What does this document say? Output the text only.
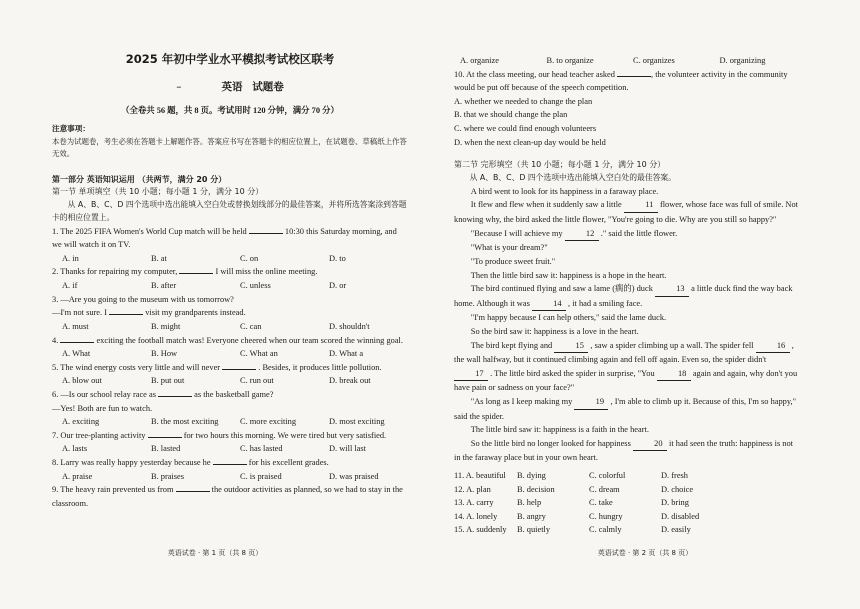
2025 年初中学业水平模拟考试校区联考
–	英语 试题卷
（全卷共 56 题，共 8 页。考试用时 120 分钟，满分 70 分）
注意事项：
本卷为试题卷，考生必须在答题卡上解题作答。答案应书写在答题卡的相应位置上，在试题卷、草稿纸上作答无效。
第一部分 英语知识运用 （共两节，满分 20 分）
第一节 单项填空（共 10 小题；每小题 1 分，满分 10 分）
从 A、B、C、D 四个选项中选出能填入空白处或替换划线部分的最佳答案，并将所选答案涂到答题卡的相应位置上。
1. The 2025 FIFA Women's World Cup match will be held	10:30 this Saturday morning, and we will watch it on TV.
A. in	B. at	C. on	D. to
2. Thanks for repairing my computer,	I will miss the online meeting.
A. if	B. after	C. unless	D. or
3. —Are you going to the museum with us tomorrow?
—I'm not sure. I	visit my grandparents instead.
A. must	B. might	C. can	D. shouldn't
4.	exciting the football match was! Everyone cheered when our team scored the winning goal.
A. What	B. How	C. What an	D. What a
5. The wind energy costs very little and will never	. Besides, it produces little pollution.
A. blow out	B. put out	C. run out	D. break out
6. —Is our school relay race as	as the basketball game?
—Yes! Both are fun to watch.
A. exciting	B. the most exciting	C. more exciting	D. most exciting
7. Our tree-planting activity	for two hours this morning. We were tired but very satisfied.
A. lasts	B. lasted	C. has lasted	D. will last
8. Larry was really happy yesterday because he	for his excellent grades.
A. praise	B. praises	C. is praised	D. was praised
9. The heavy rain prevented us from	the outdoor activities as planned, so we had to stay in the classroom.
英语试卷 · 第 1 页（共 8 页）
A. organize	B. to organize	C. organizes	D. organizing
10. At the class meeting, our head teacher asked	, the volunteer activity in the community would be put off because of the speech competition.
A. whether we needed to change the plan
B. that we should change the plan
C. where we could find enough volunteers
D. when the next clean-up day would be held
第二节 完形填空（共 10 小题；每小题 1 分，满分 10 分）
从 A、B、C、D 四个选项中选出能填入空白处的最佳答案。
A bird went to look for its happiness in a faraway place.
It flew and flew when it suddenly saw a little	11 flower, whose face was full of smile. Not knowing why, the bird asked the little flower, "You're going to die. Why are you still so happy?"
"Because I will achieve my	12 ." said the little flower.
"What is your dream?"
"To produce sweet fruit."
Then the little bird saw it: happiness is a hope in the heart.
The bird continued flying and saw a lame (瘸的) duck	13 a little duck find the way back home. Although it was	14 , it had a smiling face.
"I'm happy because I can help others," said the lame duck.
So the bird saw it: happiness is a love in the heart.
The bird kept flying and	15 , saw a spider climbing up a wall. The spider fell	16 , the wall halfway, but it continued climbing again and fell off again. Even so, the spider didn't 17 . The little bird asked the spider in surprise, "You	18 again and again, why don't you have pain or sadness on your face?"
"As long as I keep making my	19 , I'm able to climb up it. Because of this, I'm so happy," said the spider.
The little bird saw it: happiness is a faith in the heart.
So the little bird no longer looked for happiness	20 it had seen the truth: happiness is not in the faraway place but in your own heart.
11. A. beautiful	B. dying	C. colorful	D. fresh
12. A. plan	B. decision	C. dream	D. choice
13. A. carry	B. help	C. take	D. bring
14. A. lonely	B. angry	C. hungry	D. disabled
15. A. suddenly	B. quietly	C. calmly	D. easily
英语试卷 · 第 2 页（共 8 页）
